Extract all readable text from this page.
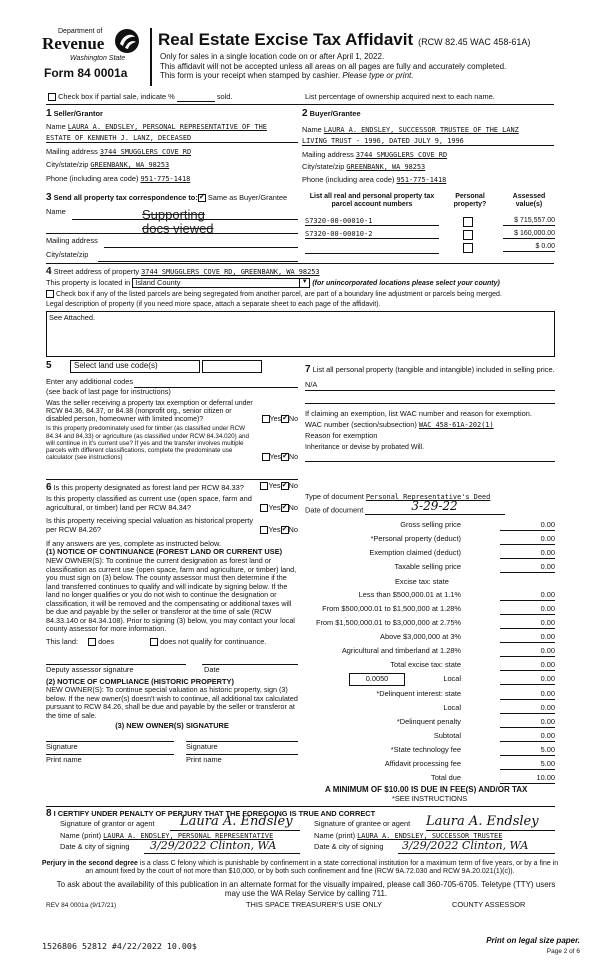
Department of
Revenue
Washington State
Form 84 0001a
Real Estate Excise Tax Affidavit (RCW 82.45 WAC 458-61A)
Only for sales in a single location code on or after April 1, 2022.
This affidavit will not be accepted unless all areas on all pages are fully and accurately completed.
This form is your receipt when stamped by cashier. Please type or print.
Check box if partial sale, indicate %	sold.	List percentage of ownership acquired next to each name.
1 Seller/Grantor
Name LAURA A. ENDSLEY, PERSONAL REPRESENTATIVE OF THE
ESTATE OF KENNETH J. LANZ, DECEASED
Mailing address 3744 SMUGGLERS COVE RD
City/state/zip GREENBANK, WA 98253
Phone (including area code) 951-775-1418
2 Buyer/Grantee
Name LAURA A. ENDSLEY, SUCCESSOR TRUSTEE OF THE LANZ
LIVING TRUST - 1996, DATED JULY 9, 1996
Mailing address 3744 SMUGGLERS COVE RD
City/state/zip GREENBANK, WA 98253
Phone (including area code) 951-775-1418
3 Send all property tax correspondence to: ✓ Same as Buyer/Grantee
Name	Supporting
docs viewed
Mailing address
City/state/zip
List all real and personal property tax parcel account numbers
Personal property?
Assessed value(s)
S7320-00-00010-1	$ 715,557.00
S7320-00-00010-2	$ 160,000.00
$ 0.00
4 Street address of property 3744 SMUGGLERS COVE RD, GREENBANK, WA 98253
This property is located in Island County	▼ (for unincorporated locations please select your county)
Check box if any of the listed parcels are being segregated from another parcel, are part of a boundary line adjustment or parcels being merged.
Legal description of property (if you need more space, attach a separate sheet to each page of the affidavit).
See Attached.
5	Select land use code(s)
Enter any additional codes
(see back of last page for instructions)
Was the seller receiving a property tax exemption or deferral under RCW 84.36, 84.37, or 84.38 (nonprofit org., senior citizen or disabled person, homeowner with limited income)?	Yes ✓ No
Is this property predominately used for timber (as classified under RCW 84.34 and 84.33) or agriculture (as classified under RCW 84.34.020) and will continue in it's current use? If yes and the transfer involves multiple parcels with different classifications, complete the predominate use calculator (see instructions)	Yes ✓ No
7 List all personal property (tangible and intangible) included in selling price.
N/A
If claiming an exemption, list WAC number and reason for exemption.
WAC number (section/subsection) WAC 458-61A-202(1)
Reason for exemption
Inheritance or devise by probated Will.
6 Is this property designated as forest land per RCW 84.33?	Yes ✓ No
Is this property classified as current use (open space, farm and agricultural, or timber) land per RCW 84.34?	Yes ✓ No
Is this property receiving special valuation as historical property per RCW 84.26?	Yes ✓ No
If any answers are yes, complete as instructed below.
(1) NOTICE OF CONTINUANCE (FOREST LAND OR CURRENT USE)
NEW OWNER(S): To continue the current designation as forest land or classification as current use (open space, farm and agriculture, or timber) land, you must sign on (3) below. The county assessor must then determine if the land transferred continues to qualify and will indicate by signing below. If the land no longer qualifies or you do not wish to continue the designation or classification, it will be removed and the compensating or additional taxes will be due and payable by the seller or transferor at the time of sale (RCW 84.33.140 or 84.34.108). Prior to signing (3) below, you may contact your local county assessor for more information.
This land:	does	does not qualify for continuance.
Deputy assessor signature	Date
(2) NOTICE OF COMPLIANCE (HISTORIC PROPERTY)
NEW OWNER(S): To continue special valuation as historic property, sign (3) below. If the new owner(s) doesn't wish to continue, all additional tax calculated pursuant to RCW 84.26, shall be due and payable by the seller or transferor at the time of sale.
(3) NEW OWNER(S) SIGNATURE
Signature	Signature
Print name	Print name
Type of document Personal Representative's Deed
Date of document	3-29-22
Gross selling price	0.00
*Personal property (deduct)	0.00
Exemption claimed (deduct)	0.00
Taxable selling price	0.00
Excise tax: state
Less than $500,000.01 at 1.1%	0.00
From $500,000.01 to $1,500,000 at 1.28%	0.00
From $1,500,000.01 to $3,000,000 at 2.75%	0.00
Above $3,000,000 at 3%	0.00
Agricultural and timberland at 1.28%	0.00
Total excise tax: state	0.00
0.0050	Local	0.00
*Delinquent interest: state	0.00
Local	0.00
*Delinquent penalty	0.00
Subtotal	0.00
*State technology fee	5.00
Affidavit processing fee	5.00
Total due	10.00
A MINIMUM OF $10.00 IS DUE IN FEE(S) AND/OR TAX
*SEE INSTRUCTIONS
8 I CERTIFY UNDER PENALTY OF PERJURY THAT THE FOREGOING IS TRUE AND CORRECT
Signature of grantor or agent Laura A. Endsley
Name (print) LAURA A. ENDSLEY, PERSONAL REPRESENTATIVE
Date & city of signing 3/29/2022 Clinton, WA
Signature of grantee or agent Laura A. Endsley
Name (print) LAURA A. ENDSLEY, SUCCESSOR TRUSTEE
Date & city of signing 3/29/2022 Clinton, WA
Perjury in the second degree is a class C felony which is punishable by confinement in a state correctional institution for a maximum term of five years, or by a fine in an amount fixed by the court of not more than $10,000, or by both such confinement and fine (RCW 9A.72.030 and RCW 9A.20.021(1)(c)).
To ask about the availability of this publication in an alternate format for the visually impaired, please call 360-705-6705. Teletype (TTY) users may use the WA Relay Service by calling 711.
REV 84 0001a (9/17/21)	THIS SPACE TREASURER'S USE ONLY	COUNTY ASSESSOR
1526806 52812 #4/22/2022 10.00$
Print on legal size paper.
Page 2 of 6
